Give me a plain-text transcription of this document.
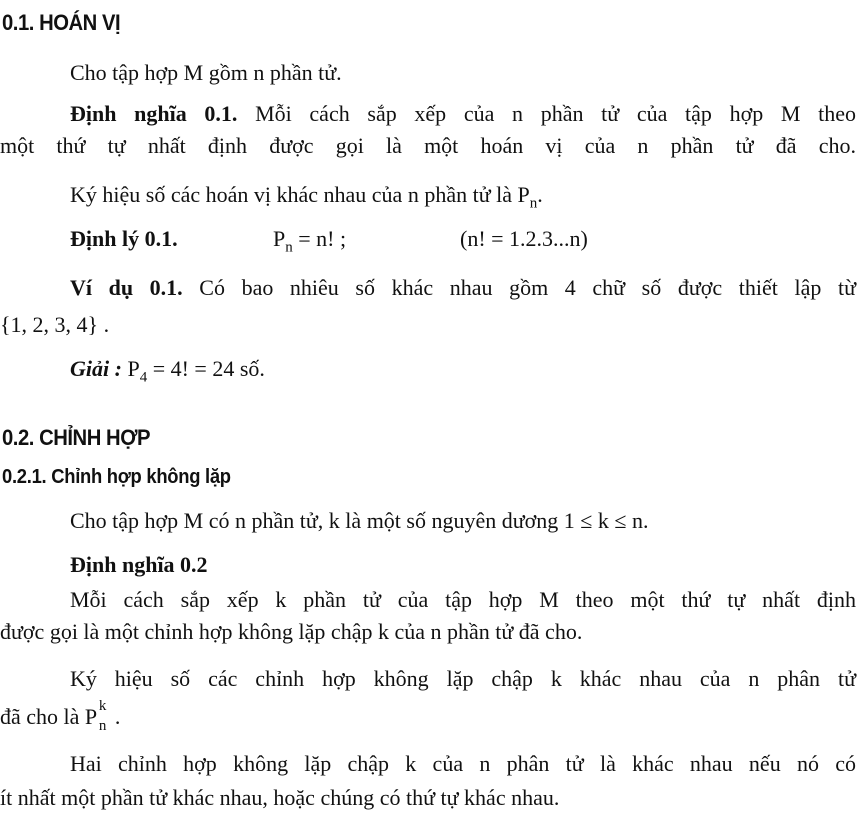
0.1. HOÁN VỊ
Cho tập hợp M gồm n phần tử.
Định nghĩa 0.1. Mỗi cách sắp xếp của n phần tử của tập hợp M theo
một thứ tự nhất định được gọi là một hoán vị của n phần tử đã cho.
Ký hiệu số các hoán vị khác nhau của n phần tử là $P_n$.
Định lý 0.1.	$P_n = n$! ;	(n! = 1.2.3...n)
Ví dụ 0.1. Có bao nhiêu số khác nhau gồm 4 chữ số được thiết lập từ
{1, 2, 3, 4} .
Giải : $P_4 = 4$! = 24 số.
0.2. CHỈNH HỢP
0.2.1. Chỉnh hợp không lặp
Cho tập hợp M có n phần tử, k là một số nguyên dương 1 ≤ k ≤ n.
Định nghĩa 0.2
Mỗi cách sắp xếp k phần tử của tập hợp M theo một thứ tự nhất định
được gọi là một chỉnh hợp không lặp chập k của n phần tử đã cho.
Ký hiệu số các chỉnh hợp không lặp chập k khác nhau của n phân tử
đã cho là P k
n .
Hai chỉnh hợp không lặp chập k của n phân tử là khác nhau nếu nó có
ít nhất một phần tử khác nhau, hoặc chúng có thứ tự khác nhau.
